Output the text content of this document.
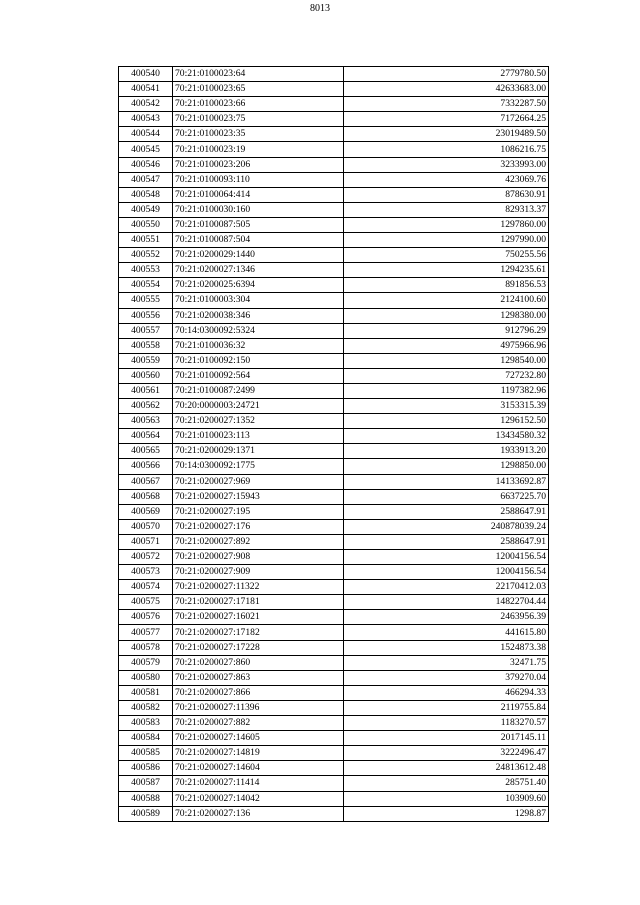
8013
400540	70:21:0100023:64	2779780.50
400541	70:21:0100023:65	42633683.00
400542	70:21:0100023:66	7332287.50
400543	70:21:0100023:75	7172664.25
400544	70:21:0100023:35	23019489.50
400545	70:21:0100023:19	1086216.75
400546	70:21:0100023:206	3233993.00
400547	70:21:0100093:110	423069.76
400548	70:21:0100064:414	878630.91
400549	70:21:0100030:160	829313.37
400550	70:21:0100087:505	1297860.00
400551	70:21:0100087:504	1297990.00
400552	70:21:0200029:1440	750255.56
400553	70:21:0200027:1346	1294235.61
400554	70:21:0200025:6394	891856.53
400555	70:21:0100003:304	2124100.60
400556	70:21:0200038:346	1298380.00
400557	70:14:0300092:5324	912796.29
400558	70:21:0100036:32	4975966.96
400559	70:21:0100092:150	1298540.00
400560	70:21:0100092:564	727232.80
400561	70:21:0100087:2499	1197382.96
400562	70:20:0000003:24721	3153315.39
400563	70:21:0200027:1352	1296152.50
400564	70:21:0100023:113	13434580.32
400565	70:21:0200029:1371	1933913.20
400566	70:14:0300092:1775	1298850.00
400567	70:21:0200027:969	14133692.87
400568	70:21:0200027:15943	6637225.70
400569	70:21:0200027:195	2588647.91
400570	70:21:0200027:176	240878039.24
400571	70:21:0200027:892	2588647.91
400572	70:21:0200027:908	12004156.54
400573	70:21:0200027:909	12004156.54
400574	70:21:0200027:11322	22170412.03
400575	70:21:0200027:17181	14822704.44
400576	70:21:0200027:16021	2463956.39
400577	70:21:0200027:17182	441615.80
400578	70:21:0200027:17228	1524873.38
400579	70:21:0200027:860	32471.75
400580	70:21:0200027:863	379270.04
400581	70:21:0200027:866	466294.33
400582	70:21:0200027:11396	2119755.84
400583	70:21:0200027:882	1183270.57
400584	70:21:0200027:14605	2017145.11
400585	70:21:0200027:14819	3222496.47
400586	70:21:0200027:14604	24813612.48
400587	70:21:0200027:11414	285751.40
400588	70:21:0200027:14042	103909.60
400589	70:21:0200027:136	1298.87
